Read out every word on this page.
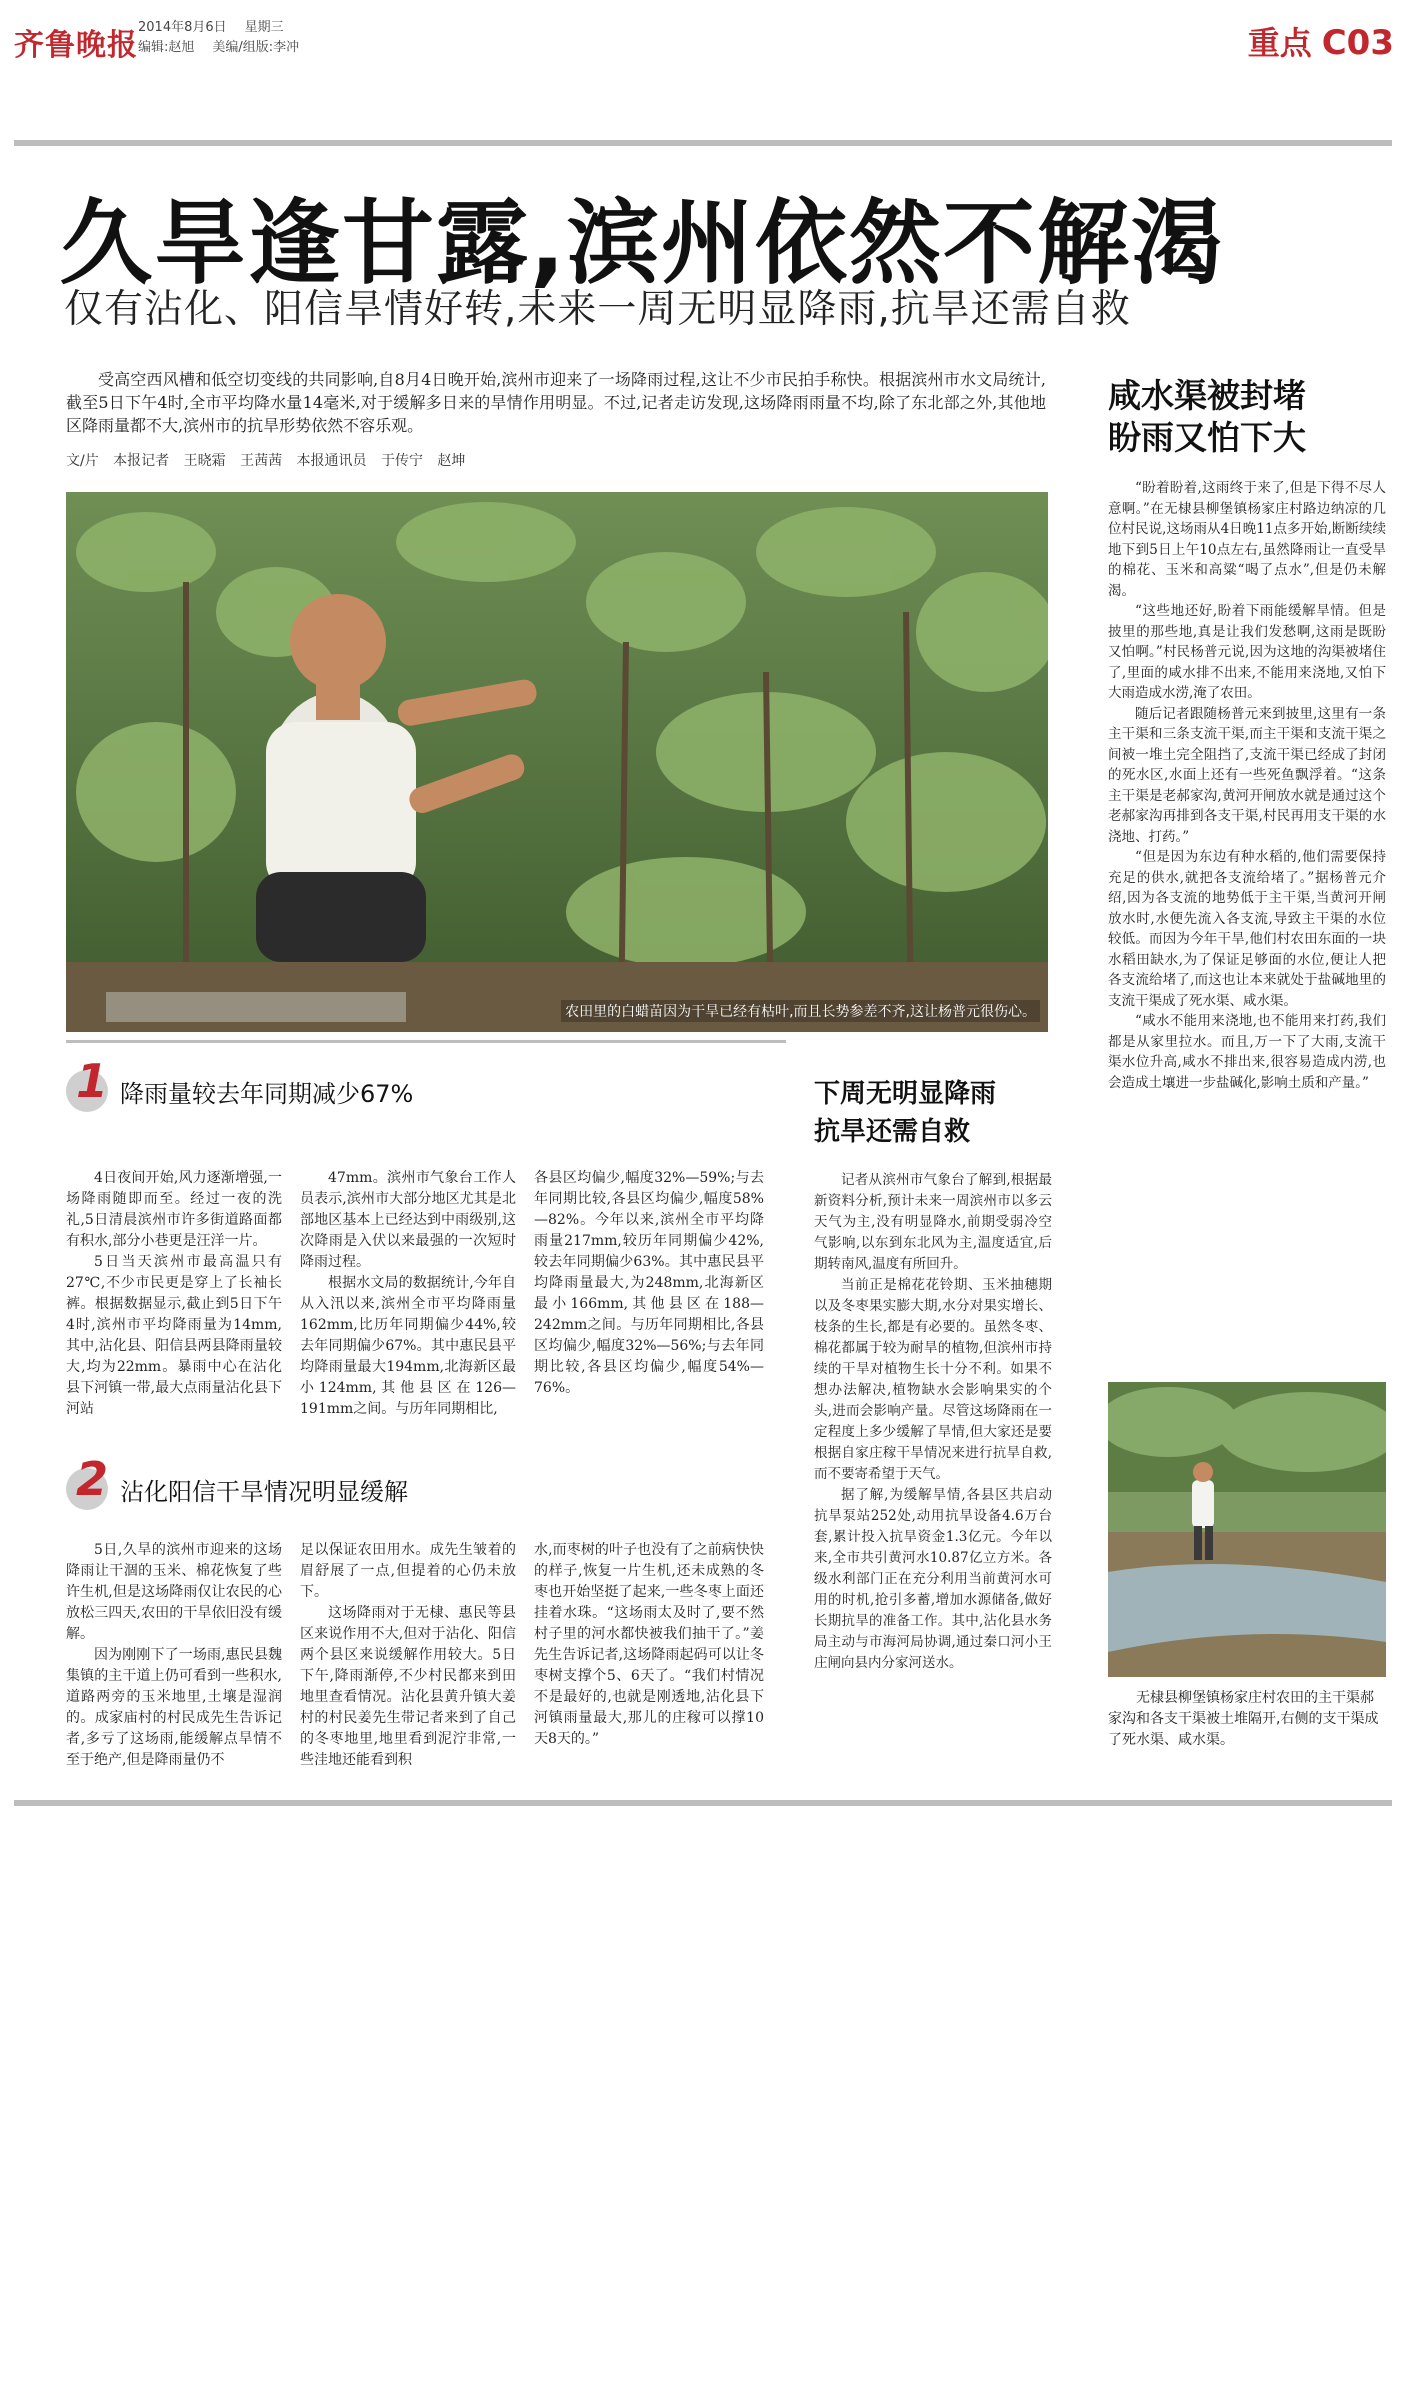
齐鲁晚报
2014年8月6日 星期三
编辑:赵旭 美编/组版:李冲	重点 C03
久旱逢甘露,滨州依然不解渴
仅有沾化、阳信旱情好转,未来一周无明显降雨,抗旱还需自救
受高空西风槽和低空切变线的共同影响,自8月4日晚开始,滨州市迎来了一场降雨过程,这让不少市民拍手称快。根据滨州市水文局统计,截至5日下午4时,全市平均降水量14毫米,对于缓解多日来的旱情作用明显。不过,记者走访发现,这场降雨雨量不均,除了东北部之外,其他地区降雨量都不大,滨州市的抗旱形势依然不容乐观。
文/片 本报记者 王晓霜 王茜茜 本报通讯员 于传宁 赵坤
农田里的白蜡苗因为干旱已经有枯叶,而且长势参差不齐,这让杨普元很伤心。
1 降雨量较去年同期减少67%

4日夜间开始,风力逐渐增强,一场降雨随即而至。经过一夜的洗礼,5日清晨滨州市许多街道路面都有积水,部分小巷更是汪洋一片。

5日当天滨州市最高温只有27℃,不少市民更是穿上了长袖长裤。根据数据显示,截止到5日下午4时,滨州市平均降雨量为14mm,其中,沾化县、阳信县两县降雨量较大,均为22mm。暴雨中心在沾化县下河镇一带,最大点雨量沾化县下河站

47mm。滨州市气象台工作人员表示,滨州市大部分地区尤其是北部地区基本上已经达到中雨级别,这次降雨是入伏以来最强的一次短时降雨过程。

根据水文局的数据统计,今年自从入汛以来,滨州全市平均降雨量162mm,比历年同期偏少44%,较去年同期偏少67%。其中惠民县平均降雨量最大194mm,北海新区最小124mm,其他县区在126—191mm之间。与历年同期相比,

各县区均偏少,幅度32%—59%;与去年同期比较,各县区均偏少,幅度58%—82%。今年以来,滨州全市平均降雨量217mm,较历年同期偏少42%,较去年同期偏少63%。其中惠民县平均降雨量最大,为248mm,北海新区最小166mm,其他县区在188—242mm之间。与历年同期相比,各县区均偏少,幅度32%—56%;与去年同期比较,各县区均偏少,幅度54%—76%。

2 沾化阳信干旱情况明显缓解

5日,久旱的滨州市迎来的这场降雨让干涸的玉米、棉花恢复了些许生机,但是这场降雨仅让农民的心放松三四天,农田的干旱依旧没有缓解。

因为刚刚下了一场雨,惠民县魏集镇的主干道上仍可看到一些积水,道路两旁的玉米地里,土壤是湿润的。成家庙村的村民成先生告诉记者,多亏了这场雨,能缓解点旱情不至于绝产,但是降雨量仍不

足以保证农田用水。成先生皱着的眉舒展了一点,但提着的心仍未放下。

这场降雨对于无棣、惠民等县区来说作用不大,但对于沾化、阳信两个县区来说缓解作用较大。5日下午,降雨渐停,不少村民都来到田地里查看情况。沾化县黄升镇大姜村的村民姜先生带记者来到了自己的冬枣地里,地里看到泥泞非常,一些洼地还能看到积

水,而枣树的叶子也没有了之前病快快的样子,恢复一片生机,还未成熟的冬枣也开始坚挺了起来,一些冬枣上面还挂着水珠。“这场雨太及时了,要不然村子里的河水都快被我们抽干了。”姜先生告诉记者,这场降雨起码可以让冬枣树支撑个5、6天了。“我们村情况不是最好的,也就是刚透地,沾化县下河镇雨量最大,那儿的庄稼可以撑10天8天的。”

下周无明显降雨
抗旱还需自救

记者从滨州市气象台了解到,根据最新资料分析,预计未来一周滨州市以多云天气为主,没有明显降水,前期受弱冷空气影响,以东到东北风为主,温度适宜,后期转南风,温度有所回升。

当前正是棉花花铃期、玉米抽穗期以及冬枣果实膨大期,水分对果实增长、枝条的生长,都是有必要的。虽然冬枣、棉花都属于较为耐旱的植物,但滨州市持续的干旱对植物生长十分不利。如果不想办法解决,植物缺水会影响果实的个头,进而会影响产量。尽管这场降雨在一定程度上多少缓解了旱情,但大家还是要根据自家庄稼干旱情况来进行抗旱自救,而不要寄希望于天气。

据了解,为缓解旱情,各县区共启动抗旱泵站252处,动用抗旱设备4.6万台套,累计投入抗旱资金1.3亿元。今年以来,全市共引黄河水10.87亿立方米。各级水利部门正在充分利用当前黄河水可用的时机,抢引多蓄,增加水源储备,做好长期抗旱的准备工作。其中,沾化县水务局主动与市海河局协调,通过秦口河小王庄闸向县内分家河送水。

咸水渠被封堵
盼雨又怕下大

“盼着盼着,这雨终于来了,但是下得不尽人意啊。”在无棣县柳堡镇杨家庄村路边纳凉的几位村民说,这场雨从4日晚11点多开始,断断续续地下到5日上午10点左右,虽然降雨让一直受旱的棉花、玉米和高粱“喝了点水”,但是仍未解渴。

“这些地还好,盼着下雨能缓解旱情。但是披里的那些地,真是让我们发愁啊,这雨是既盼又怕啊。”村民杨普元说,因为这地的沟渠被堵住了,里面的咸水排不出来,不能用来浇地,又怕下大雨造成水涝,淹了农田。

随后记者跟随杨普元来到披里,这里有一条主干渠和三条支流干渠,而主干渠和支流干渠之间被一堆土完全阻挡了,支流干渠已经成了封闭的死水区,水面上还有一些死鱼飘浮着。“这条主干渠是老郝家沟,黄河开闸放水就是通过这个老郝家沟再排到各支干渠,村民再用支干渠的水浇地、打药。”

“但是因为东边有种水稻的,他们需要保持充足的供水,就把各支流给堵了。”据杨普元介绍,因为各支流的地势低于主干渠,当黄河开闸放水时,水便先流入各支流,导致主干渠的水位较低。而因为今年干旱,他们村农田东面的一块水稻田缺水,为了保证足够面的水位,便让人把各支流给堵了,而这也让本来就处于盐碱地里的支流干渠成了死水渠、咸水渠。

“咸水不能用来浇地,也不能用来打药,我们都是从家里拉水。而且,万一下了大雨,支流干渠水位升高,咸水不排出来,很容易造成内涝,也会造成土壤进一步盐碱化,影响土质和产量。”

无棣县柳堡镇杨家庄村农田的主干渠郝家沟和各支干渠被土堆隔开,右侧的支干渠成了死水渠、咸水渠。
